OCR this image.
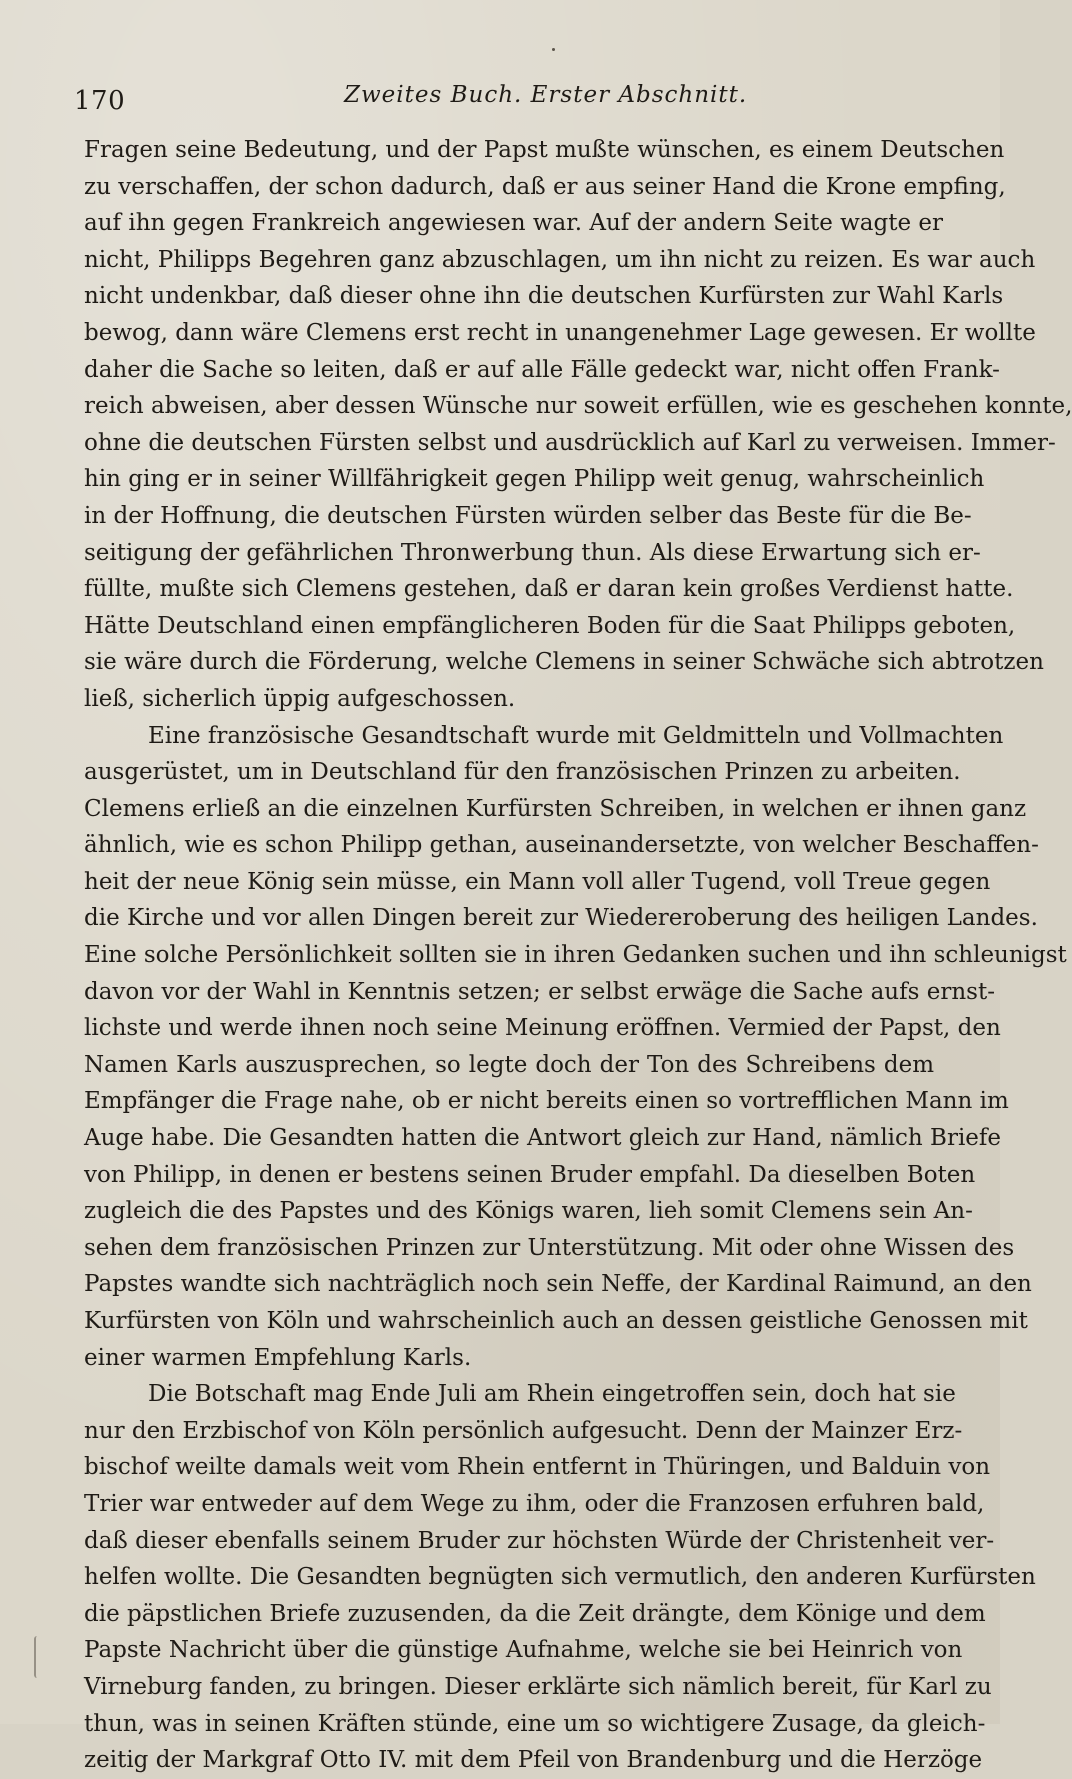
170	Zweites Buch. Erster Abschnitt.
Fragen seine Bedeutung, und der Papst mußte wünschen, es einem Deutschen
zu verschaffen, der schon dadurch, daß er aus seiner Hand die Krone empfing,
auf ihn gegen Frankreich angewiesen war. Auf der andern Seite wagte er
nicht, Philipps Begehren ganz abzuschlagen, um ihn nicht zu reizen. Es war auch
nicht undenkbar, daß dieser ohne ihn die deutschen Kurfürsten zur Wahl Karls
bewog, dann wäre Clemens erst recht in unangenehmer Lage gewesen. Er wollte
daher die Sache so leiten, daß er auf alle Fälle gedeckt war, nicht offen Frank-
reich abweisen, aber dessen Wünsche nur soweit erfüllen, wie es geschehen konnte,
ohne die deutschen Fürsten selbst und ausdrücklich auf Karl zu verweisen. Immer-
hin ging er in seiner Willfährigkeit gegen Philipp weit genug, wahrscheinlich
in der Hoffnung, die deutschen Fürsten würden selber das Beste für die Be-
seitigung der gefährlichen Thronwerbung thun. Als diese Erwartung sich er-
füllte, mußte sich Clemens gestehen, daß er daran kein großes Verdienst hatte.
Hätte Deutschland einen empfänglicheren Boden für die Saat Philipps geboten,
sie wäre durch die Förderung, welche Clemens in seiner Schwäche sich abtrotzen
ließ, sicherlich üppig aufgeschossen.
Eine französische Gesandtschaft wurde mit Geldmitteln und Vollmachten
ausgerüstet, um in Deutschland für den französischen Prinzen zu arbeiten.
Clemens erließ an die einzelnen Kurfürsten Schreiben, in welchen er ihnen ganz
ähnlich, wie es schon Philipp gethan, auseinandersetzte, von welcher Beschaffen-
heit der neue König sein müsse, ein Mann voll aller Tugend, voll Treue gegen
die Kirche und vor allen Dingen bereit zur Wiedereroberung des heiligen Landes.
Eine solche Persönlichkeit sollten sie in ihren Gedanken suchen und ihn schleunigst
davon vor der Wahl in Kenntnis setzen; er selbst erwäge die Sache aufs ernst-
lichste und werde ihnen noch seine Meinung eröffnen. Vermied der Papst, den
Namen Karls auszusprechen, so legte doch der Ton des Schreibens dem
Empfänger die Frage nahe, ob er nicht bereits einen so vortrefflichen Mann im
Auge habe. Die Gesandten hatten die Antwort gleich zur Hand, nämlich Briefe
von Philipp, in denen er bestens seinen Bruder empfahl. Da dieselben Boten
zugleich die des Papstes und des Königs waren, lieh somit Clemens sein An-
sehen dem französischen Prinzen zur Unterstützung. Mit oder ohne Wissen des
Papstes wandte sich nachträglich noch sein Neffe, der Kardinal Raimund, an den
Kurfürsten von Köln und wahrscheinlich auch an dessen geistliche Genossen mit
einer warmen Empfehlung Karls.
Die Botschaft mag Ende Juli am Rhein eingetroffen sein, doch hat sie
nur den Erzbischof von Köln persönlich aufgesucht. Denn der Mainzer Erz-
bischof weilte damals weit vom Rhein entfernt in Thüringen, und Balduin von
Trier war entweder auf dem Wege zu ihm, oder die Franzosen erfuhren bald,
daß dieser ebenfalls seinem Bruder zur höchsten Würde der Christenheit ver-
helfen wollte. Die Gesandten begnügten sich vermutlich, den anderen Kurfürsten
die päpstlichen Briefe zuzusenden, da die Zeit drängte, dem Könige und dem
Papste Nachricht über die günstige Aufnahme, welche sie bei Heinrich von
Virneburg fanden, zu bringen. Dieser erklärte sich nämlich bereit, für Karl zu
thun, was in seinen Kräften stünde, eine um so wichtigere Zusage, da gleich-
zeitig der Markgraf Otto IV. mit dem Pfeil von Brandenburg und die Herzöge
